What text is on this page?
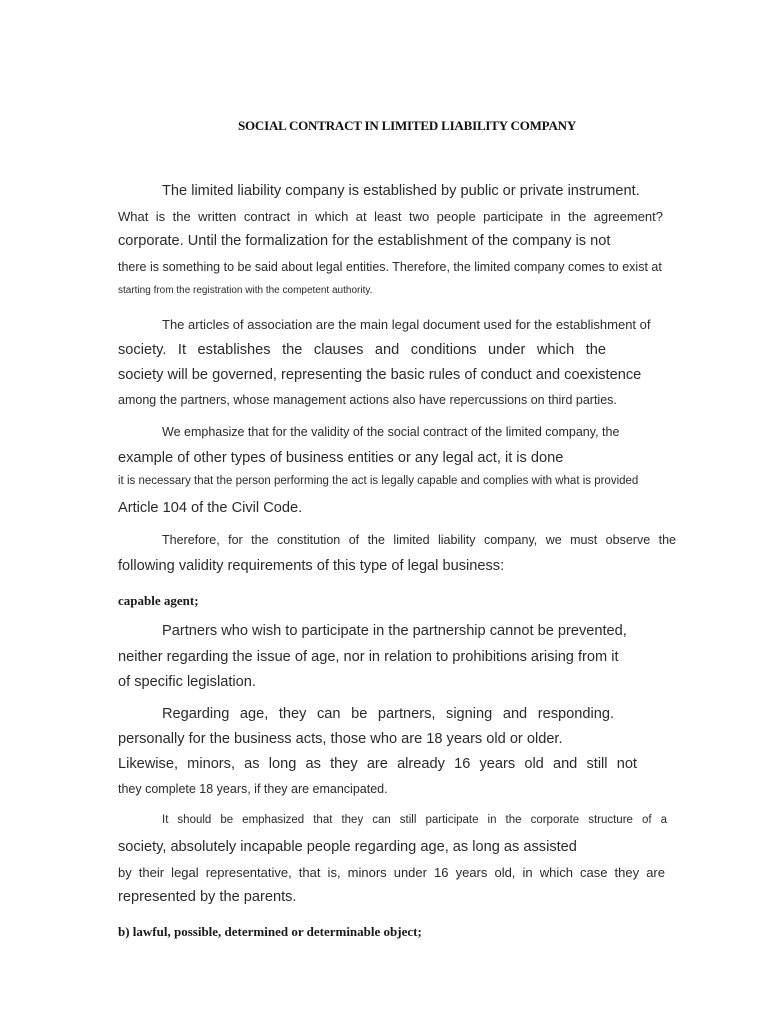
SOCIAL CONTRACT IN LIMITED LIABILITY COMPANY

The limited liability company is established by public or private instrument.

What is the written contract in which at least two people participate in the agreement?

corporate. Until the formalization for the establishment of the company is not

there is something to be said about legal entities. Therefore, the limited company comes to exist at

starting from the registration with the competent authority.

The articles of association are the main legal document used for the establishment of

society. It establishes the clauses and conditions under which the

society will be governed, representing the basic rules of conduct and coexistence

among the partners, whose management actions also have repercussions on third parties.

We emphasize that for the validity of the social contract of the limited company, the

example of other types of business entities or any legal act, it is done

it is necessary that the person performing the act is legally capable and complies with what is provided

Article 104 of the Civil Code.

Therefore, for the constitution of the limited liability company, we must observe the

following validity requirements of this type of legal business:

capable agent;

Partners who wish to participate in the partnership cannot be prevented,

neither regarding the issue of age, nor in relation to prohibitions arising from it

of specific legislation.

Regarding age, they can be partners, signing and responding.

personally for the business acts, those who are 18 years old or older.

Likewise, minors, as long as they are already 16 years old and still not

they complete 18 years, if they are emancipated.

It should be emphasized that they can still participate in the corporate structure of a

society, absolutely incapable people regarding age, as long as assisted

by their legal representative, that is, minors under 16 years old, in which case they are

represented by the parents.

b) lawful, possible, determined or determinable object;
